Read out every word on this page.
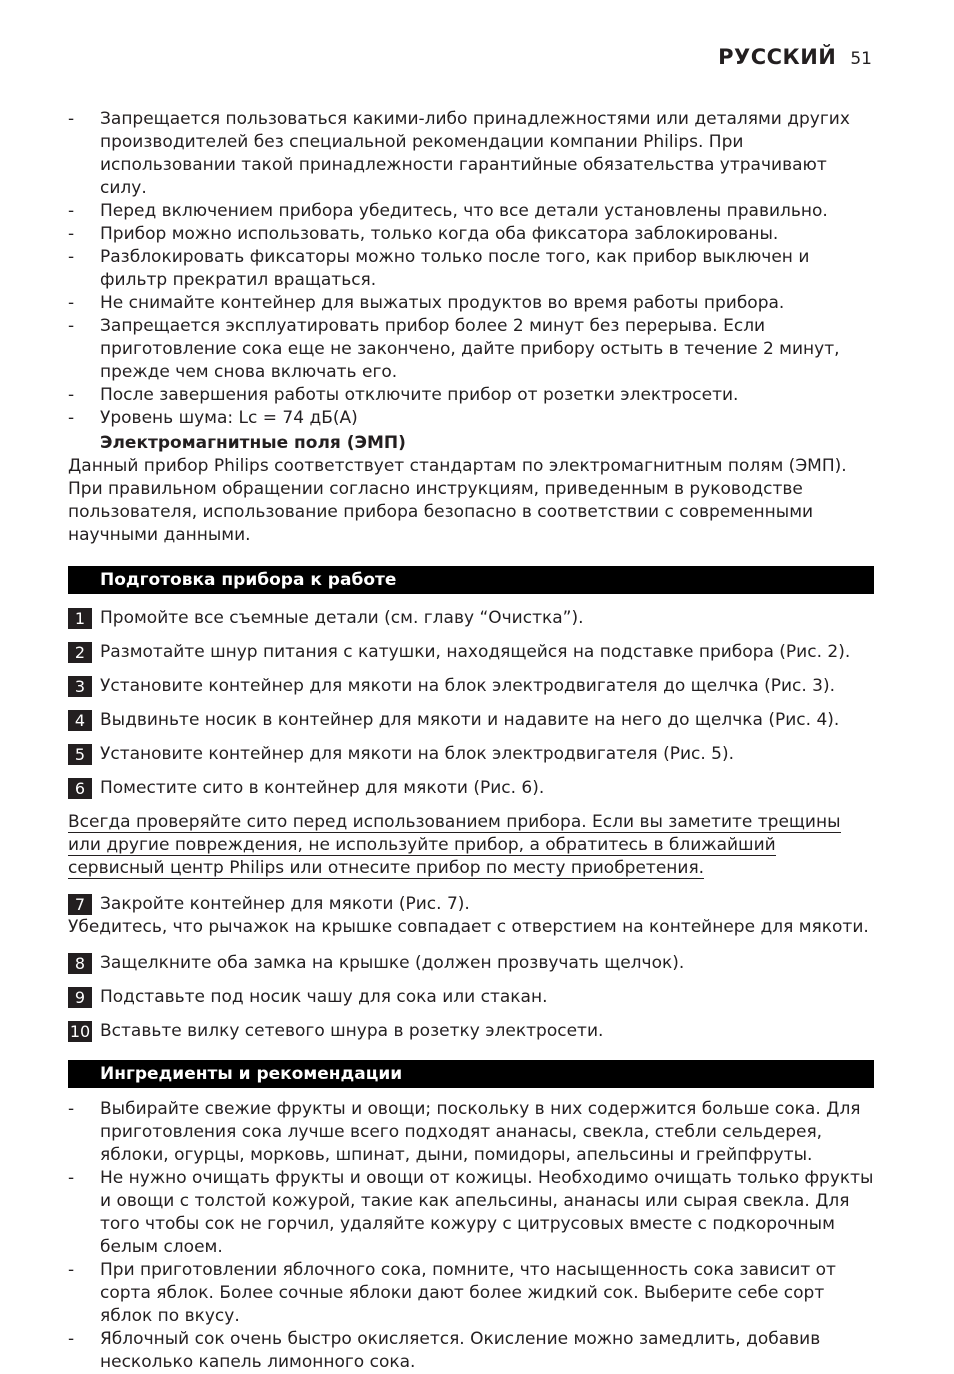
РУССКИЙ 51
- Запрещается пользоваться какими-либо принадлежностями или деталями других производителей без специальной рекомендации компании Philips. При использовании такой принадлежности гарантийные обязательства утрачивают силу.
- Перед включением прибора убедитесь, что все детали установлены правильно.
- Прибор можно использовать, только когда оба фиксатора заблокированы.
- Разблокировать фиксаторы можно только после того, как прибор выключен и фильтр прекратил вращаться.
- Не снимайте контейнер для выжатых продуктов во время работы прибора.
- Запрещается эксплуатировать прибор более 2 минут без перерыва. Если приготовление сока еще не закончено, дайте прибору остыть в течение 2 минут, прежде чем снова включать его.
- После завершения работы отключите прибор от розетки электросети.
- Уровень шума: Lc = 74 дБ(A)
Электромагнитные поля (ЭМП)

Данный прибор Philips соответствует стандартам по электромагнитным полям (ЭМП). При правильном обращении согласно инструкциям, приведенным в руководстве пользователя, использование прибора безопасно в соответствии с современными научными данными.

Подготовка прибора к работе
1 Промойте все съемные детали (см. главу “Очистка”).
2 Размотайте шнур питания с катушки, находящейся на подставке прибора (Рис. 2).
3 Установите контейнер для мякоти на блок электродвигателя до щелчка (Рис. 3).
4 Выдвиньте носик в контейнер для мякоти и надавите на него до щелчка (Рис. 4).
5 Установите контейнер для мякоти на блок электродвигателя (Рис. 5).
6 Поместите сито в контейнер для мякоти (Рис. 6).

Всегда проверяйте сито перед использованием прибора. Если вы заметите трещины или другие повреждения, не используйте прибор, а обратитесь в ближайший сервисный центр Philips или отнесите прибор по месту приобретения.

7 Закройте контейнер для мякоти (Рис. 7).

Убедитесь, что рычажок на крышке совпадает с отверстием на контейнере для мякоти.

8 Защелкните оба замка на крышке (должен прозвучать щелчок).
9 Подставьте под носик чашу для сока или стакан.
10 Вставьте вилку сетевого шнура в розетку электросети.
Ингредиенты и рекомендации
- Выбирайте свежие фрукты и овощи; поскольку в них содержится больше сока. Для приготовления сока лучше всего подходят ананасы, свекла, стебли сельдерея, яблоки, огурцы, морковь, шпинат, дыни, помидоры, апельсины и грейпфруты.
- Не нужно очищать фрукты и овощи от кожицы. Необходимо очищать только фрукты и овощи с толстой кожурой, такие как апельсины, ананасы или сырая свекла. Для того чтобы сок не горчил, удаляйте кожуру с цитрусовых вместе с подкорочным белым слоем.
- При приготовлении яблочного сока, помните, что насыщенность сока зависит от сорта яблок. Более сочные яблоки дают более жидкий сок. Выберите себе сорт яблок по вкусу.
- Яблочный сок очень быстро окисляется. Окисление можно замедлить, добавив несколько капель лимонного сока.
